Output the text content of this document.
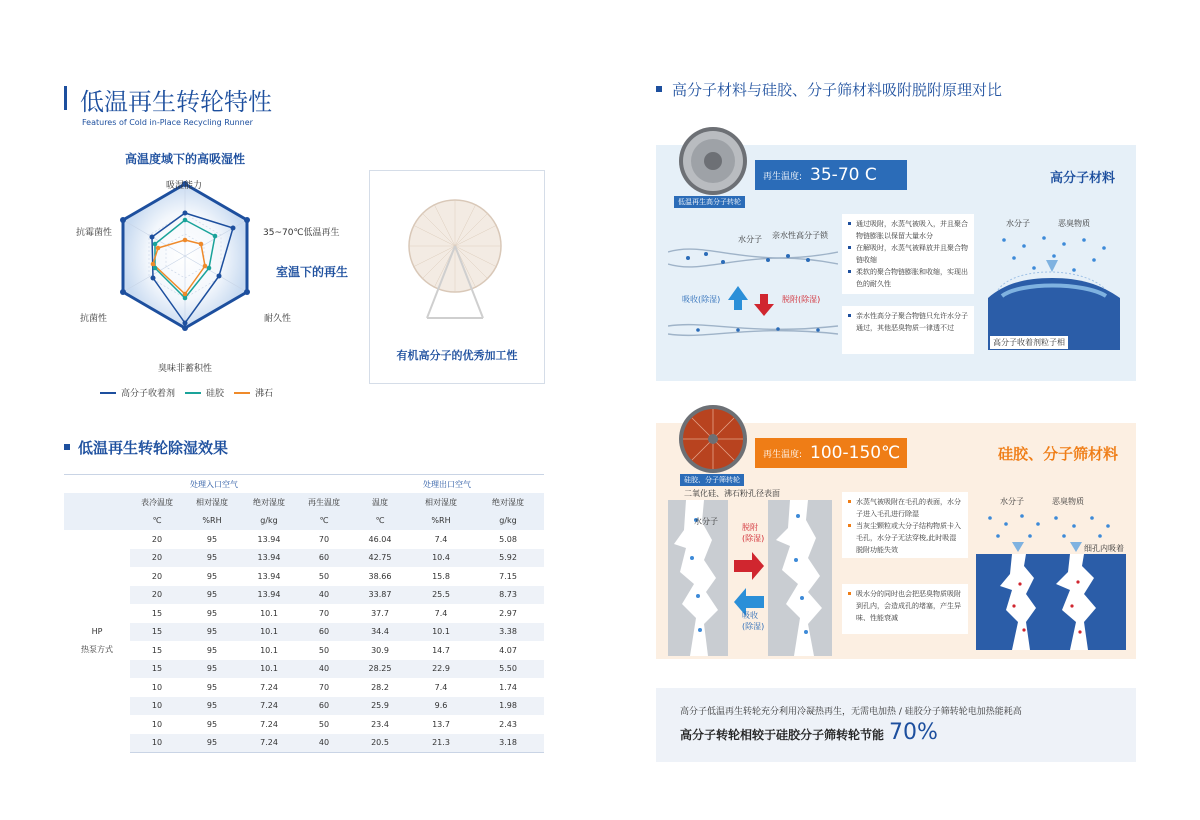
低温再生转轮特性
Features of Cold in-Place Recycling Runner
高温度域下的高吸湿性
吸湿能力
35~70℃低温再生
耐久性
臭味非蓄积性
抗菌性
抗霉菌性
室温下的再生
高分子收着剂	硅胶	沸石
有机高分子的优秀加工性
低温再生转轮除湿效果
	处理入口空气				处理出口空气		
	表冷温度	相对湿度	绝对湿度	再生温度	温度	相对湿度	绝对湿度
	℃	%RH	g/kg	℃	℃	%RH	g/kg

HP
热泵方式	20	95	13.94	70	46.04	7.4	5.08
	20	95	13.94	60	42.75	10.4	5.92
	20	95	13.94	50	38.66	15.8	7.15
	20	95	13.94	40	33.87	25.5	8.73
	15	95	10.1	70	37.7	7.4	2.97
	15	95	10.1	60	34.4	10.1	3.38
	15	95	10.1	50	30.9	14.7	4.07
	15	95	10.1	40	28.25	22.9	5.50
	10	95	7.24	70	28.2	7.4	1.74
	10	95	7.24	60	25.9	9.6	1.98
	10	95	7.24	50	23.4	13.7	2.43
	10	95	7.24	40	20.5	21.3	3.18
高分子材料与硅胶、分子筛材料吸附脱附原理对比
再生温度: 35-70 C
低温再生高分子转轮
高分子材料
水分子 亲水性高分子锁
吸收(除湿)	脱附(除湿)
通过吸附，水蒸气被吸入，并且聚合物链膨胀以保留大量水分
在解吸时，水蒸气被释放并且聚合物链收缩
柔软的聚合物链膨胀和收缩，实现出色的耐久性
亲水性高分子聚合物链只允许水分子通过，其他恶臭物质一律透不过
水分子	恶臭物质
高分子收着剂粒子相
再生温度: 100-150℃
硅胶、分子筛转轮
硅胶、分子筛材料
二氧化硅、沸石粉孔径表面
水分子
脱附
(除湿)
吸收
(除湿)
水蒸气被吸附在毛孔的表面，水分子进入毛孔进行除湿
当灰尘颗粒或大分子结构物质卡入毛孔，水分子无法穿梭,此时吸湿脱附功能失效
吸水分的同时也会把恶臭物质吸附到孔内，会造成孔的堵塞，产生异味、性能衰减
水分子	恶臭物质
细孔内吸着
高分子低温再生转轮充分利用冷凝热再生，无需电加热 / 硅胶分子筛转轮电加热能耗高
高分子转轮相较于硅胶分子筛转轮节能 70%
